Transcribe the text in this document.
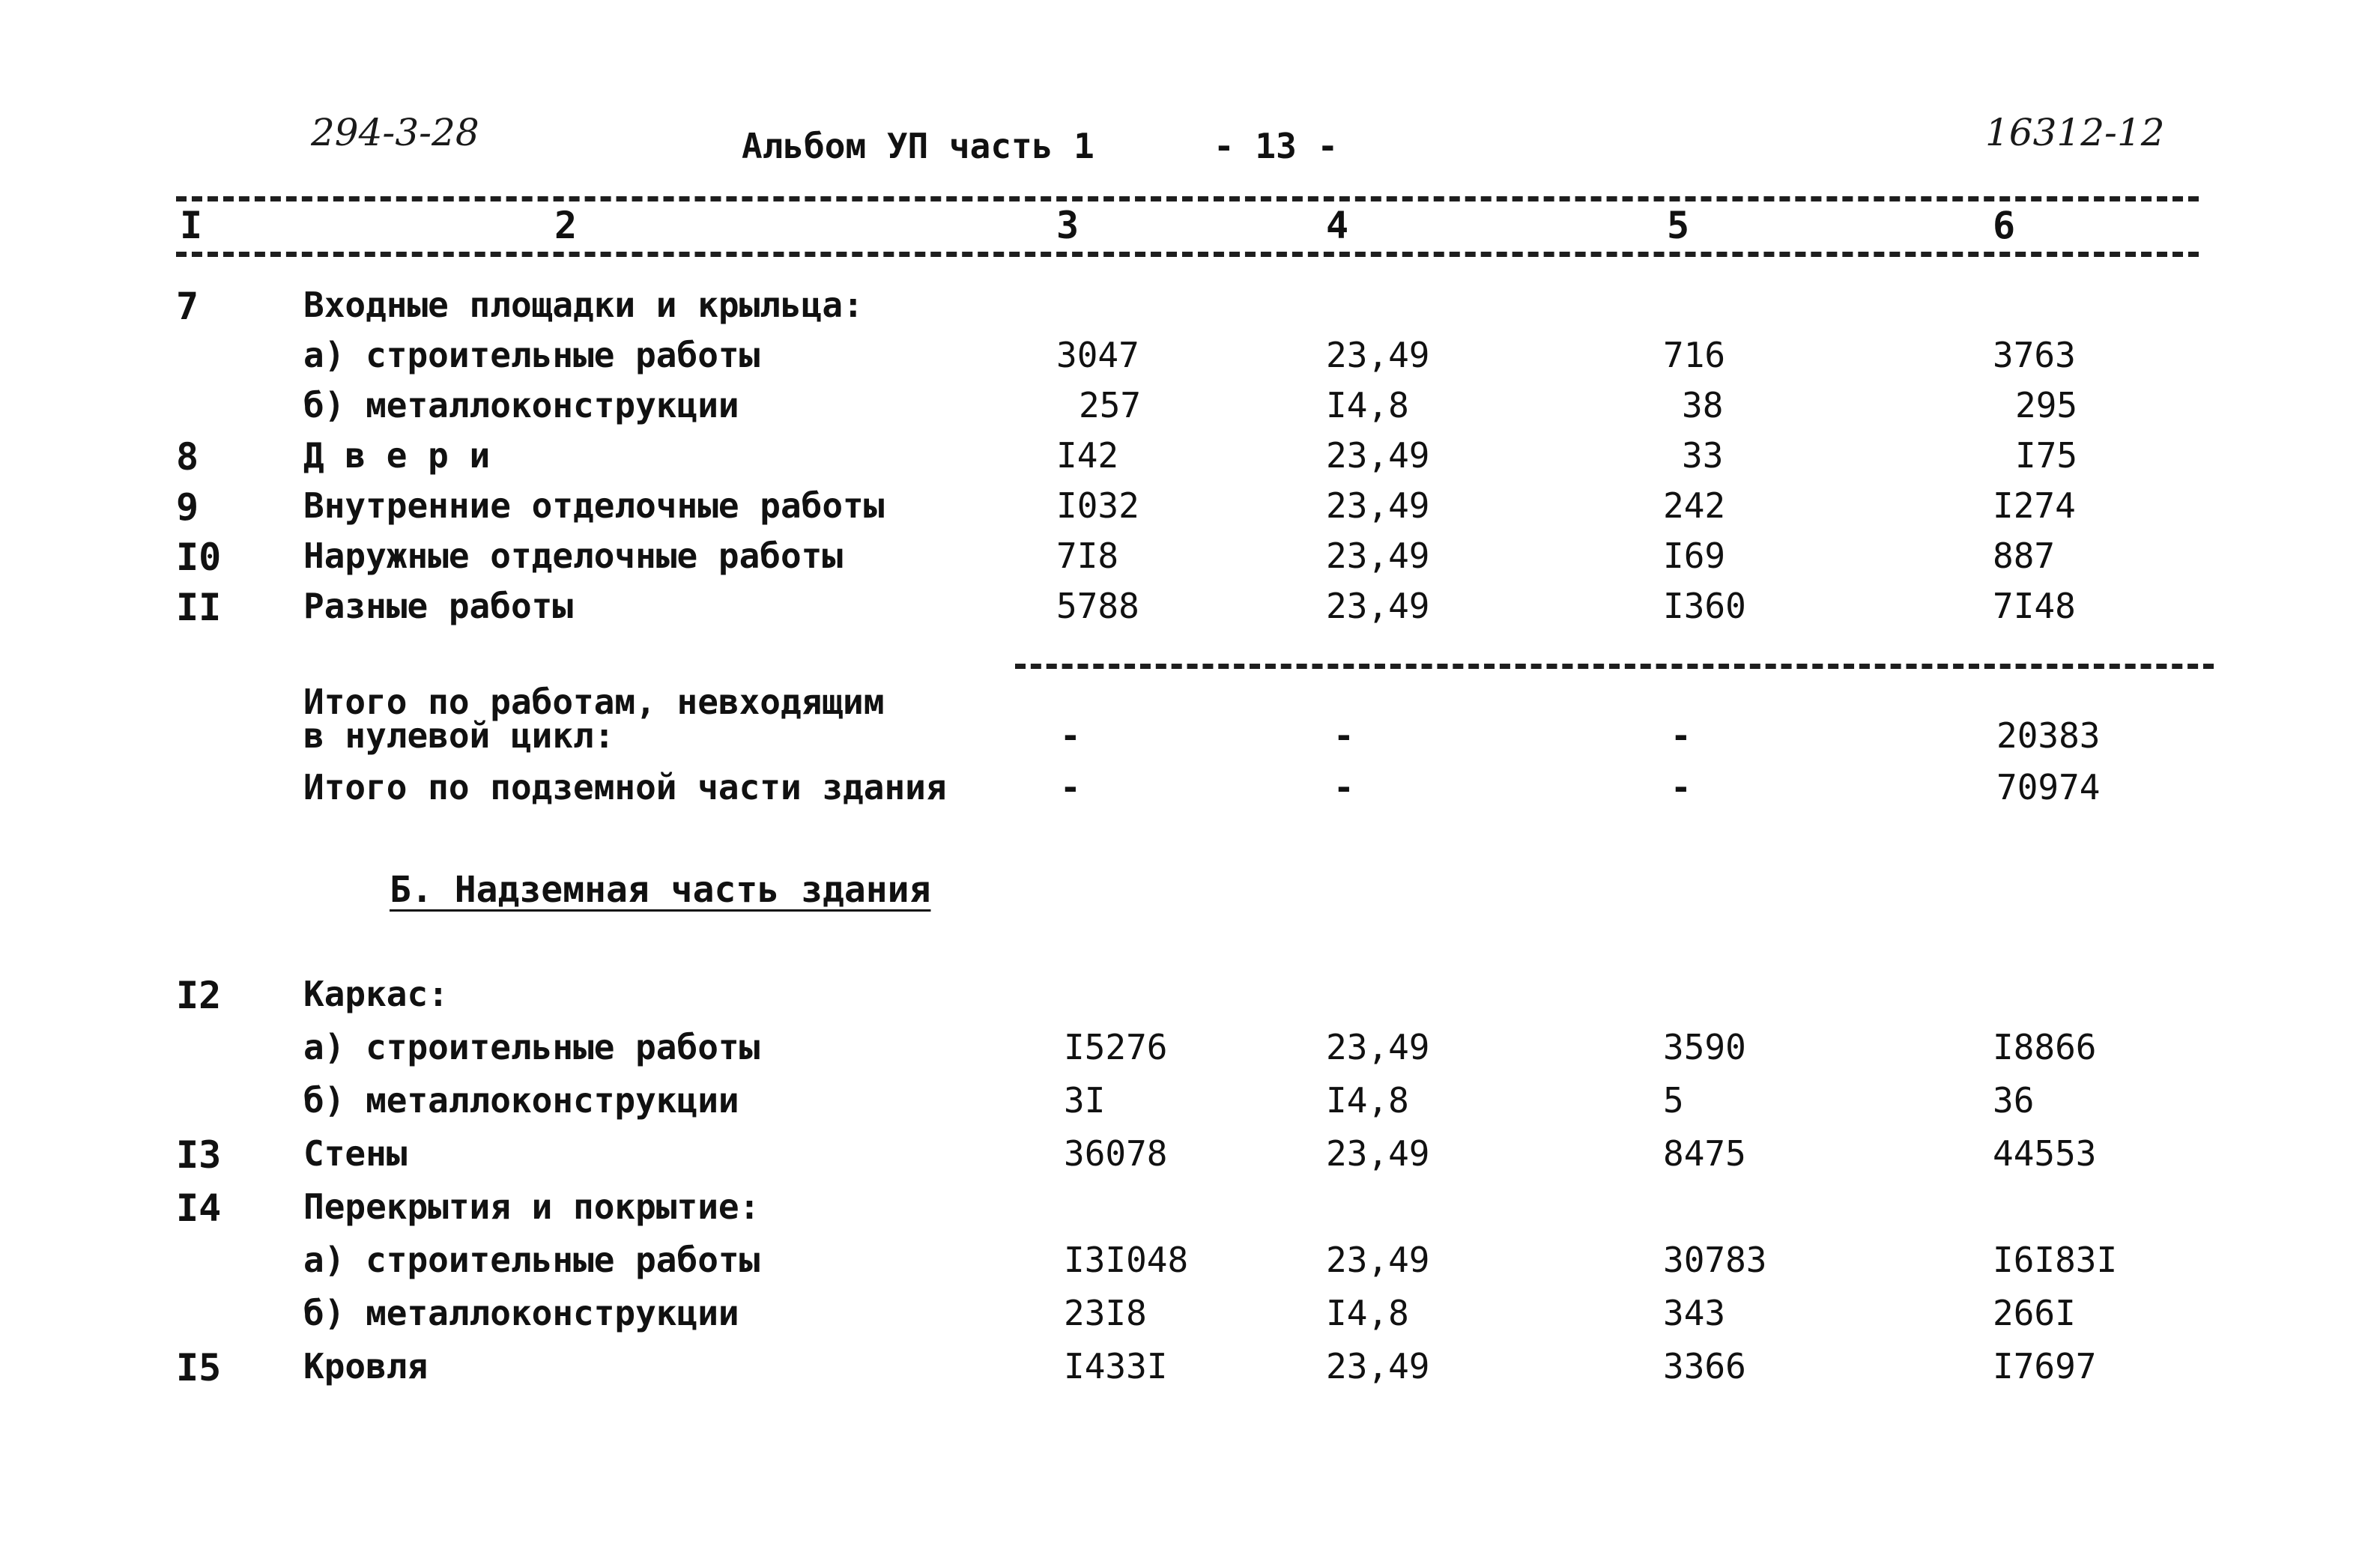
294-3-28	Альбом УП часть 1	- 13 -	16312-12
I	2	3	4	5	6
7	Входные площадки и крыльца:
а) строительные работы	3047	23,49	716	3763
б) металлоконструкции	257	I4,8	38	295
8	Д в е р и	I42	23,49	33	I75
9	Внутренние отделочные работы	I032	23,49	242	I274
I0 Наружные отделочные работы	7I8	23,49	I69	887
II Разные работы	5788	23,49	I360	7I48
Итого по работам, невходящим
в нулевой цикл:	-	-	-	20383
Итого по подземной части здания	-	-	-	70974
Б. Надземная часть здания
I2 Каркас:
а) строительные работы	I5276	23,49	3590	I8866
б) металлоконструкции	3I	I4,8	5	36
I3 Стены	36078	23,49	8475	44553
I4 Перекрытия и покрытие:
а) строительные работы	I3I048	23,49	30783	I6I83I
б) металлоконструкции	23I8	I4,8	343	266I
I5 Кровля	I433I	23,49	3366	I7697
